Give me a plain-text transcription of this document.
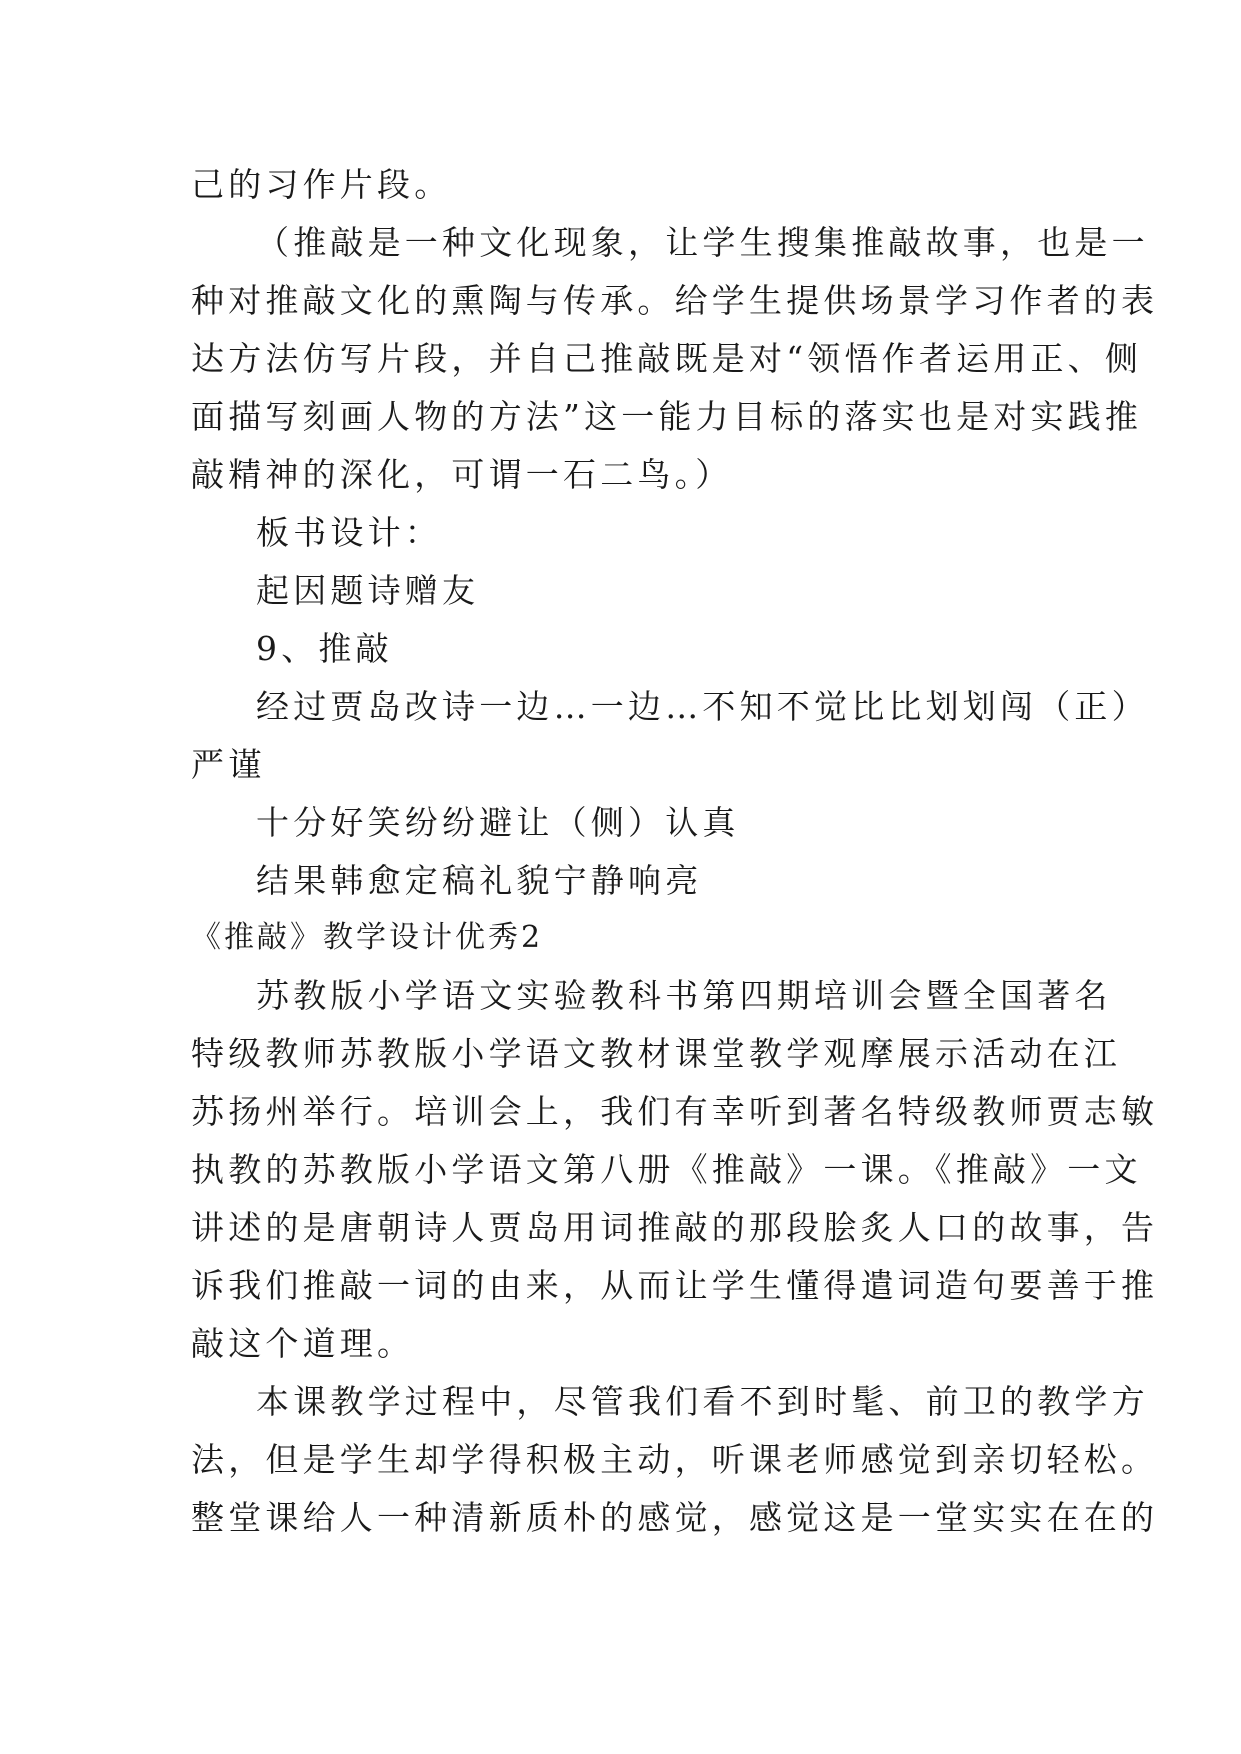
己的习作片段。
（推敲是一种文化现象，让学生搜集推敲故事，也是一
种对推敲文化的熏陶与传承。给学生提供场景学习作者的表
达方法仿写片段，并自己推敲既是对“领悟作者运用正、侧
面描写刻画人物的方法”这一能力目标的落实也是对实践推
敲精神的深化，可谓一石二鸟。）
板书设计：
起因题诗赠友
9、推敲
经过贾岛改诗一边…一边…不知不觉比比划划闯（正）
严谨
十分好笑纷纷避让（侧）认真
结果韩愈定稿礼貌宁静响亮
《推敲》教学设计优秀2
苏教版小学语文实验教科书第四期培训会暨全国著名
特级教师苏教版小学语文教材课堂教学观摩展示活动在江
苏扬州举行。培训会上，我们有幸听到著名特级教师贾志敏
执教的苏教版小学语文第八册《推敲》一课。《推敲》一文
讲述的是唐朝诗人贾岛用词推敲的那段脍炙人口的故事，告
诉我们推敲一词的由来，从而让学生懂得遣词造句要善于推
敲这个道理。
本课教学过程中，尽管我们看不到时髦、前卫的教学方
法，但是学生却学得积极主动，听课老师感觉到亲切轻松。
整堂课给人一种清新质朴的感觉，感觉这是一堂实实在在的
